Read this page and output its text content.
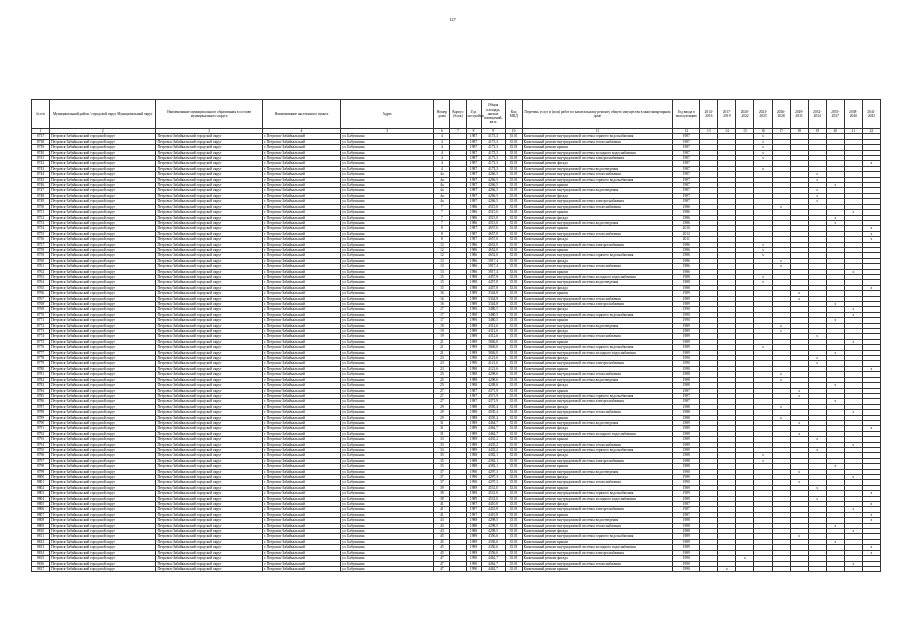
127
№ п/п	Муниципальный район / городской округ Муниципальный округ	Наименование муниципального образования в составе муниципального округа	Наименование населенного пункта	Адрес	Номер дома	Корпус (блок)	Год постройки	Общая площадь жилых помещений, кв.м	Код МКД	Перечень услуг и (или) работ по капитальному ремонту общего имущества в многоквартирном доме	Год ввода в эксплуатацию	2014-2016	2017-2019	2020-2022	2023-2025	2026-2028	2029-2031	2032-2034	2035-2037	2038-2040	2041-2043
1	2	3	4	5	6	7	8	9	10	11	12	13	14	15	16	17	18	19	20	21	22
8737	Петровск-Забайкальский городской округ	Петровск-Забайкальский городской округ	г. Петровск-Забайкальский	ул. Бабушкина	4		1987	4173,3	35.01	Капитальный ремонт внутридомовой системы горячего водоснабжения	1987				x						
8738	Петровск-Забайкальский городской округ	Петровск-Забайкальский городской округ	г. Петровск-Забайкальский	ул. Бабушкина	4		1987	4173,3	35.01	Капитальный ремонт внутридомовой системы теплоснабжения	1987				x						
8739	Петровск-Забайкальский городской округ	Петровск-Забайкальский городской округ	г. Петровск-Забайкальский	ул. Бабушкина	4		1987	4173,3	35.01	Капитальный ремонт крыши	1987				x						
8740	Петровск-Забайкальский городской округ	Петровск-Забайкальский городской округ	г. Петровск-Забайкальский	ул. Бабушкина	4		1987	4173,3	35.01	Капитальный ремонт внутридомовой системы холодного водоснабжения	1987				x						
8741	Петровск-Забайкальский городской округ	Петровск-Забайкальский городской округ	г. Петровск-Забайкальский	ул. Бабушкина	4		1987	4173,3	35.01	Капитальный ремонт внутридомовой системы электроснабжения	1987				x						
8742	Петровск-Забайкальский городской округ	Петровск-Забайкальский городской округ	г. Петровск-Забайкальский	ул. Бабушкина	4		1987	4173,3	35.01	Капитальный ремонт фасада	1987										x
8743	Петровск-Забайкальский городской округ	Петровск-Забайкальский городской округ	г. Петровск-Забайкальский	ул. Бабушкина	4		1987	4173,3	35.01	Капитальный ремонт внутридомовой системы водоотведения	1987				x						
8744	Петровск-Забайкальский городской округ	Петровск-Забайкальский городской округ	г. Петровск-Забайкальский	ул. Бабушкина	4а		1987	4266,5	35.01	Капитальный ремонт внутридомовой системы теплоснабжения	1987							x			
8745	Петровск-Забайкальский городской округ	Петровск-Забайкальский городской округ	г. Петровск-Забайкальский	ул. Бабушкина	4а		1987	4266,5	35.01	Капитальный ремонт внутридомовой системы горячего водоснабжения	1987							x			
8746	Петровск-Забайкальский городской округ	Петровск-Забайкальский городской округ	г. Петровск-Забайкальский	ул. Бабушкина	4а		1987	4266,5	35.01	Капитальный ремонт крыши	1987								x		
8747	Петровск-Забайкальский городской округ	Петровск-Забайкальский городской округ	г. Петровск-Забайкальский	ул. Бабушкина	4а		1987	4266,5	35.01	Капитальный ремонт внутридомовой системы водоотведения	1987							x			
8748	Петровск-Забайкальский городской округ	Петровск-Забайкальский городской округ	г. Петровск-Забайкальский	ул. Бабушкина	4а		1987	4266,5	35.01	Капитальный ремонт фасада	1987							x			
8749	Петровск-Забайкальский городской округ	Петровск-Забайкальский городской округ	г. Петровск-Забайкальский	ул. Бабушкина	4а		1987	4266,5	35.01	Капитальный ремонт внутридомовой системы электроснабжения	1987							x			
8750	Петровск-Забайкальский городской округ	Петровск-Забайкальский городской округ	г. Петровск-Забайкальский	ул. Бабушкина	7		1986	4515,0	35.01	Капитальный ремонт внутридомовой системы теплоснабжения	1986					x					
8751	Петровск-Забайкальский городской округ	Петровск-Забайкальский городской округ	г. Петровск-Забайкальский	ул. Бабушкина	7		1986	4515,0	35.01	Капитальный ремонт крыши	1986									x	
8752	Петровск-Забайкальский городской округ	Петровск-Забайкальский городской округ	г. Петровск-Забайкальский	ул. Бабушкина	7		1986	4515,0	35.01	Капитальный ремонт фасада	1986								x		
8753	Петровск-Забайкальский городской округ	Петровск-Забайкальский городской округ	г. Петровск-Забайкальский	ул. Бабушкина	7		1986	4515,0	35.01	Капитальный ремонт внутридомовой системы водоотведения	1986								x		
8754	Петровск-Забайкальский городской округ	Петровск-Забайкальский городской округ	г. Петровск-Забайкальский	ул. Бабушкина	8		1987	4657,0	35.01	Капитальный ремонт крыши	2010										x
8755	Петровск-Забайкальский городской округ	Петровск-Забайкальский городской округ	г. Петровск-Забайкальский	ул. Бабушкина	8		1987	4657,0	35.01	Капитальный ремонт внутридомовой системы теплоснабжения	2012										x
8756	Петровск-Забайкальский городской округ	Петровск-Забайкальский городской округ	г. Петровск-Забайкальский	ул. Бабушкина	8		1987	4657,0	35.01	Капитальный ремонт фасада	2011										x
8757	Петровск-Забайкальский городской округ	Петровск-Забайкальский городской округ	г. Петровск-Забайкальский	ул. Бабушкина	12		1986	4652,0	35.01	Капитальный ремонт внутридомовой системы электроснабжения	1986				x						
8758	Петровск-Забайкальский городской округ	Петровск-Забайкальский городской округ	г. Петровск-Забайкальский	ул. Бабушкина	12		1986	4652,0	35.01	Капитальный ремонт крыши	1986				x						
8759	Петровск-Забайкальский городской округ	Петровск-Забайкальский городской округ	г. Петровск-Забайкальский	ул. Бабушкина	12		1986	4652,0	35.01	Капитальный ремонт внутридомовой системы горячего водоснабжения	1986				x						
8760	Петровск-Забайкальский городской округ	Петровск-Забайкальский городской округ	г. Петровск-Забайкальский	ул. Бабушкина	13		1986	3917,4	35.01	Капитальный ремонт фасада	1986					x					
8761	Петровск-Забайкальский городской округ	Петровск-Забайкальский городской округ	г. Петровск-Забайкальский	ул. Бабушкина	13		1986	3917,4	35.01	Капитальный ремонт внутридомовой системы теплоснабжения	1986					x					
8762	Петровск-Забайкальский городской округ	Петровск-Забайкальский городской округ	г. Петровск-Забайкальский	ул. Бабушкина	13		1986	3917,4	35.01	Капитальный ремонт крыши	1986									x	
8763	Петровск-Забайкальский городской округ	Петровск-Забайкальский городской округ	г. Петровск-Забайкальский	ул. Бабушкина	15		1988	4457,8	35.01	Капитальный ремонт внутридомовой системы холодного водоснабжения	1988				x						
8764	Петровск-Забайкальский городской округ	Петровск-Забайкальский городской округ	г. Петровск-Забайкальский	ул. Бабушкина	15		1988	4457,8	35.01	Капитальный ремонт внутридомовой системы водоотведения	1988				x						
8765	Петровск-Забайкальский городской округ	Петровск-Забайкальский городской округ	г. Петровск-Забайкальский	ул. Бабушкина	15		1988	4457,8	35.01	Капитальный ремонт фасада	1988										x
8766	Петровск-Забайкальский городской округ	Петровск-Забайкальский городской округ	г. Петровск-Забайкальский	ул. Бабушкина	16		1989	3344,8	35.01	Капитальный ремонт крыши	1989						x				
8767	Петровск-Забайкальский городской округ	Петровск-Забайкальский городской округ	г. Петровск-Забайкальский	ул. Бабушкина	16		1989	3344,8	35.01	Капитальный ремонт внутридомовой системы теплоснабжения	1989						x				
8768	Петровск-Забайкальский городской округ	Петровск-Забайкальский городской округ	г. Петровск-Забайкальский	ул. Бабушкина	16		1989	3344,8	35.01	Капитальный ремонт внутридомовой системы электроснабжения	1989								x		
8769	Петровск-Забайкальский городской округ	Петровск-Забайкальский городской округ	г. Петровск-Забайкальский	ул. Бабушкина	17		1990	3480,5	35.01	Капитальный ремонт фасада	1990									x	
8770	Петровск-Забайкальский городской округ	Петровск-Забайкальский городской округ	г. Петровск-Забайкальский	ул. Бабушкина	17		1990	3480,5	35.01	Капитальный ремонт внутридомовой системы горячего водоснабжения	1990									x	
8771	Петровск-Забайкальский городской округ	Петровск-Забайкальский городской округ	г. Петровск-Забайкальский	ул. Бабушкина	17		1990	3480,5	35.01	Капитальный ремонт крыши	1990								x		
8772	Петровск-Забайкальский городской округ	Петровск-Забайкальский городской округ	г. Петровск-Забайкальский	ул. Бабушкина	19		1989	4312,6	35.01	Капитальный ремонт внутридомовой системы водоотведения	1989					x					
8773	Петровск-Забайкальский городской округ	Петровск-Забайкальский городской округ	г. Петровск-Забайкальский	ул. Бабушкина	19		1989	4312,6	35.01	Капитальный ремонт фасада	1989					x					
8774	Петровск-Забайкальский городской округ	Петровск-Забайкальский городской округ	г. Петровск-Забайкальский	ул. Бабушкина	19		1989	4312,6	35.01	Капитальный ремонт внутридомовой системы теплоснабжения	1989							x			
8775	Петровск-Забайкальский городской округ	Петровск-Забайкальский городской округ	г. Петровск-Забайкальский	ул. Бабушкина	21		1989	3846,0	35.01	Капитальный ремонт крыши	1989									x	
8776	Петровск-Забайкальский городской округ	Петровск-Забайкальский городской округ	г. Петровск-Забайкальский	ул. Бабушкина	21		1989	3846,0	35.01	Капитальный ремонт внутридомовой системы горячего водоснабжения	1989				x						
8777	Петровск-Забайкальский городской округ	Петровск-Забайкальский городской округ	г. Петровск-Забайкальский	ул. Бабушкина	21		1989	3846,0	35.01	Капитальный ремонт внутридомовой системы холодного водоснабжения	1989								x		
8778	Петровск-Забайкальский городской округ	Петровск-Забайкальский городской округ	г. Петровск-Забайкальский	ул. Бабушкина	23		1990	4121,6	35.01	Капитальный ремонт фасада	1990							x			
8779	Петровск-Забайкальский городской округ	Петровск-Забайкальский городской округ	г. Петровск-Забайкальский	ул. Бабушкина	23		1990	4121,6	35.01	Капитальный ремонт внутридомовой системы электроснабжения	1990							x			
8780	Петровск-Забайкальский городской округ	Петровск-Забайкальский городской округ	г. Петровск-Забайкальский	ул. Бабушкина	23		1990	4121,6	35.01	Капитальный ремонт крыши	1990										x
8781	Петровск-Забайкальский городской округ	Петровск-Забайкальский городской округ	г. Петровск-Забайкальский	ул. Бабушкина	25		1988	4208,6	35.01	Капитальный ремонт внутридомовой системы теплоснабжения	1988					x					
8782	Петровск-Забайкальский городской округ	Петровск-Забайкальский городской округ	г. Петровск-Забайкальский	ул. Бабушкина	25		1988	4208,6	35.01	Капитальный ремонт внутридомовой системы водоотведения	1988					x					
8783	Петровск-Забайкальский городской округ	Петровск-Забайкальский городской округ	г. Петровск-Забайкальский	ул. Бабушкина	25		1988	4208,6	35.01	Капитальный ремонт фасада	1988								x		
8784	Петровск-Забайкальский городской округ	Петровск-Забайкальский городской округ	г. Петровск-Забайкальский	ул. Бабушкина	27		1987	4371,9	35.01	Капитальный ремонт крыши	1987						x				
8785	Петровск-Забайкальский городской округ	Петровск-Забайкальский городской округ	г. Петровск-Забайкальский	ул. Бабушкина	27		1987	4371,9	35.01	Капитальный ремонт внутридомовой системы горячего водоснабжения	1987						x				
8786	Петровск-Забайкальский городской округ	Петровск-Забайкальский городской округ	г. Петровск-Забайкальский	ул. Бабушкина	27		1987	4371,9	35.01	Капитальный ремонт внутридомовой системы электроснабжения	1987								x		
8787	Петровск-Забайкальский городской округ	Петровск-Забайкальский городской округ	г. Петровск-Забайкальский	ул. Бабушкина	29		1988	4505,4	35.01	Капитальный ремонт фасада	1988					x					
8788	Петровск-Забайкальский городской округ	Петровск-Забайкальский городской округ	г. Петровск-Забайкальский	ул. Бабушкина	29		1988	4505,4	35.01	Капитальный ремонт внутридомовой системы теплоснабжения	1988									x	
8789	Петровск-Забайкальский городской округ	Петровск-Забайкальский городской округ	г. Петровск-Забайкальский	ул. Бабушкина	29		1988	4505,4	35.01	Капитальный ремонт крыши	1988					x					
8790	Петровск-Забайкальский городской округ	Петровск-Забайкальский городской округ	г. Петровск-Забайкальский	ул. Бабушкина	31		1989	4464,7	35.01	Капитальный ремонт внутридомовой системы водоотведения	1989						x				
8791	Петровск-Забайкальский городской округ	Петровск-Забайкальский городской округ	г. Петровск-Забайкальский	ул. Бабушкина	31		1989	4464,7	35.01	Капитальный ремонт фасада	1989										x
8792	Петровск-Забайкальский городской округ	Петровск-Забайкальский городской округ	г. Петровск-Забайкальский	ул. Бабушкина	31		1989	4464,7	35.01	Капитальный ремонт внутридомовой системы холодного водоснабжения	1989						x				
8793	Петровск-Забайкальский городской округ	Петровск-Забайкальский городской округ	г. Петровск-Забайкальский	ул. Бабушкина	33		1989	4435,2	35.01	Капитальный ремонт крыши	1989							x			
8794	Петровск-Забайкальский городской округ	Петровск-Забайкальский городской округ	г. Петровск-Забайкальский	ул. Бабушкина	33		1989	4435,2	35.01	Капитальный ремонт внутридомовой системы теплоснабжения	1989									x	
8795	Петровск-Забайкальский городской округ	Петровск-Забайкальский городской округ	г. Петровск-Забайкальский	ул. Бабушкина	33		1989	4435,2	35.01	Капитальный ремонт внутридомовой системы горячего водоснабжения	1989							x			
8796	Петровск-Забайкальский городской округ	Петровск-Забайкальский городской округ	г. Петровск-Забайкальский	ул. Бабушкина	35		1988	4382,1	35.01	Капитальный ремонт фасада	1988				x						
8797	Петровск-Забайкальский городской округ	Петровск-Забайкальский городской округ	г. Петровск-Забайкальский	ул. Бабушкина	35		1988	4382,1	35.01	Капитальный ремонт внутридомовой системы электроснабжения	1988				x						
8798	Петровск-Забайкальский городской округ	Петровск-Забайкальский городской округ	г. Петровск-Забайкальский	ул. Бабушкина	35		1988	4382,1	35.01	Капитальный ремонт крыши	1988								x		
8799	Петровск-Забайкальский городской округ	Петровск-Забайкальский городской округ	г. Петровск-Забайкальский	ул. Бабушкина	37		1990	4297,3	35.01	Капитальный ремонт внутридомовой системы водоотведения	1990						x				
8800	Петровск-Забайкальский городской округ	Петровск-Забайкальский городской округ	г. Петровск-Забайкальский	ул. Бабушкина	37		1990	4297,3	35.01	Капитальный ремонт фасада	1990									x	
8801	Петровск-Забайкальский городской округ	Петровск-Забайкальский городской округ	г. Петровск-Забайкальский	ул. Бабушкина	37		1990	4297,3	35.01	Капитальный ремонт внутридомовой системы теплоснабжения	1990						x				
8802	Петровск-Забайкальский городской округ	Петровск-Забайкальский городской округ	г. Петровск-Забайкальский	ул. Бабушкина	39		1989	4531,0	35.01	Капитальный ремонт крыши	1989							x			
8803	Петровск-Забайкальский городской округ	Петровск-Забайкальский городской округ	г. Петровск-Забайкальский	ул. Бабушкина	39		1989	4531,0	35.01	Капитальный ремонт внутридомовой системы горячего водоснабжения	1989										x
8804	Петровск-Забайкальский городской округ	Петровск-Забайкальский городской округ	г. Петровск-Забайкальский	ул. Бабушкина	39		1989	4531,0	35.01	Капитальный ремонт внутридомовой системы холодного водоснабжения	1989							x			
8805	Петровск-Забайкальский городской округ	Петровск-Забайкальский городской округ	г. Петровск-Забайкальский	ул. Бабушкина	41		1987	4410,8	35.01	Капитальный ремонт фасада	1987										x
8806	Петровск-Забайкальский городской округ	Петровск-Забайкальский городской округ	г. Петровск-Забайкальский	ул. Бабушкина	41		1987	4410,8	35.01	Капитальный ремонт внутридомовой системы электроснабжения	1987									x	
8807	Петровск-Забайкальский городской округ	Петровск-Забайкальский городской округ	г. Петровск-Забайкальский	ул. Бабушкина	41		1987	4410,8	35.01	Капитальный ремонт крыши	1987										x
8808	Петровск-Забайкальский городской округ	Петровск-Забайкальский городской округ	г. Петровск-Забайкальский	ул. Бабушкина	43		1988	4298,5	35.01	Капитальный ремонт внутридомовой системы водоотведения	1988										x
8809	Петровск-Забайкальский городской округ	Петровск-Забайкальский городской округ	г. Петровск-Забайкальский	ул. Бабушкина	43		1988	4298,5	35.01	Капитальный ремонт внутридомовой системы теплоснабжения	1988								x		
8810	Петровск-Забайкальский городской округ	Петровск-Забайкальский городской округ	г. Петровск-Забайкальский	ул. Бабушкина	43		1988	4298,5	35.01	Капитальный ремонт фасада	1988									x	
8811	Петровск-Забайкальский городской округ	Петровск-Забайкальский городской округ	г. Петровск-Забайкальский	ул. Бабушкина	45		1989	4356,6	35.01	Капитальный ремонт внутридомовой системы горячего водоснабжения	1989						x				
8812	Петровск-Забайкальский городской округ	Петровск-Забайкальский городской округ	г. Петровск-Забайкальский	ул. Бабушкина	45		1989	4356,6	35.01	Капитальный ремонт крыши	1989								x		
8813	Петровск-Забайкальский городской округ	Петровск-Забайкальский городской округ	г. Петровск-Забайкальский	ул. Бабушкина	45		1989	4356,6	35.01	Капитальный ремонт внутридомовой системы холодного водоснабжения	1989										x
8814	Петровск-Забайкальский городской округ	Петровск-Забайкальский городской округ	г. Петровск-Забайкальский	ул. Бабушкина	45		1989	4356,6	35.01	Капитальный ремонт внутридомовой системы электроснабжения	1989										x
8815	Петровск-Забайкальский городской округ	Петровск-Забайкальский городской округ	г. Петровск-Забайкальский	ул. Бабушкина	47		1990	4462,7	35.01	Капитальный ремонт фасада	1990			x							
8816	Петровск-Забайкальский городской округ	Петровск-Забайкальский городской округ	г. Петровск-Забайкальский	ул. Бабушкина	47		1990	4462,7	35.01	Капитальный ремонт внутридомовой системы теплоснабжения	1990									x	
8817	Петровск-Забайкальский городской округ	Петровск-Забайкальский городской округ	г. Петровск-Забайкальский	ул. Бабушкина	47		1990	4462,7	35.01	Капитальный ремонт крыши	1990		x								
